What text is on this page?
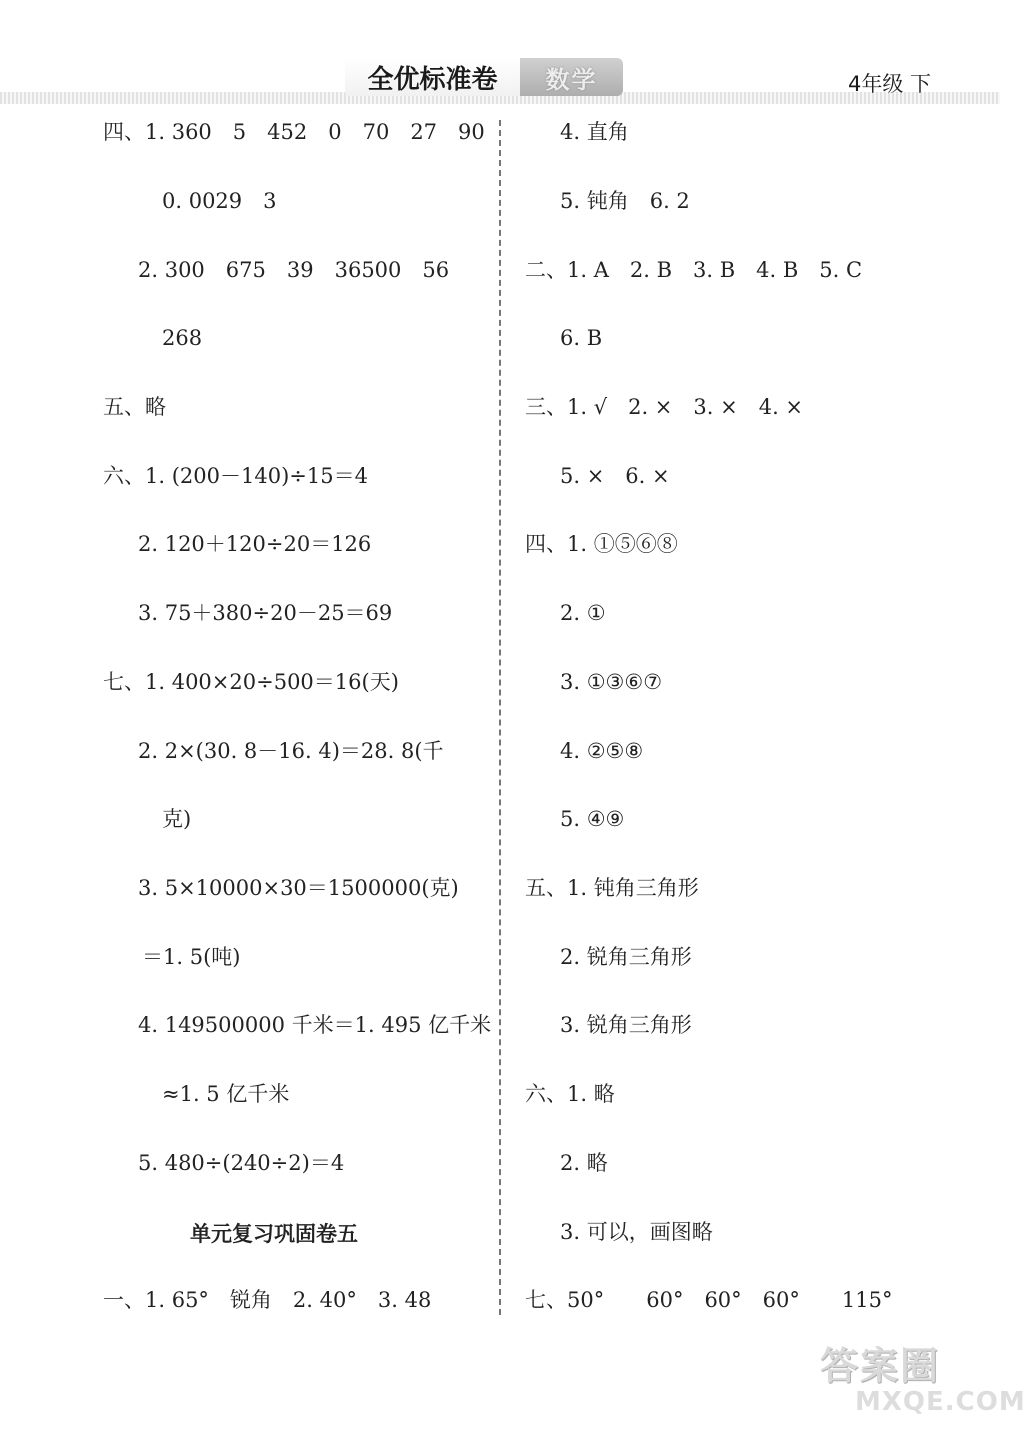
全优标准卷	数学	4年级 下
四、1. 360　5　452　0　70　27　90
0. 0029　3
2. 300　675　39　36500　56
268
五、略
六、1. (200－140)÷15＝4
2. 120＋120÷20＝126
3. 75＋380÷20－25＝69
七、1. 400×20÷500＝16(天)
2. 2×(30. 8－16. 4)＝28. 8(千
克)
3. 5×10000×30＝1500000(克)
＝1. 5(吨)
4. 149500000 千米＝1. 495 亿千米
≈1. 5 亿千米
5. 480÷(240÷2)＝4
单元复习巩固卷五
一、1. 65°　锐角　2. 40°　3. 48
4. 直角
5. 钝角　6. 2
二、1. A　2. B　3. B　4. B　5. C
6. B
三、1. √　2. ×　3. ×　4. ×
5. ×　6. ×
四、1. ①⑤⑥⑧
2. ①
3. ①③⑥⑦
4. ②⑤⑧
5. ④⑨
五、1. 钝角三角形
2. 锐角三角形
3. 锐角三角形
六、1. 略
2. 略
3. 可以，画图略
七、50°　　60°　60°　60°　　115°
答案圈
MXQE.COM
